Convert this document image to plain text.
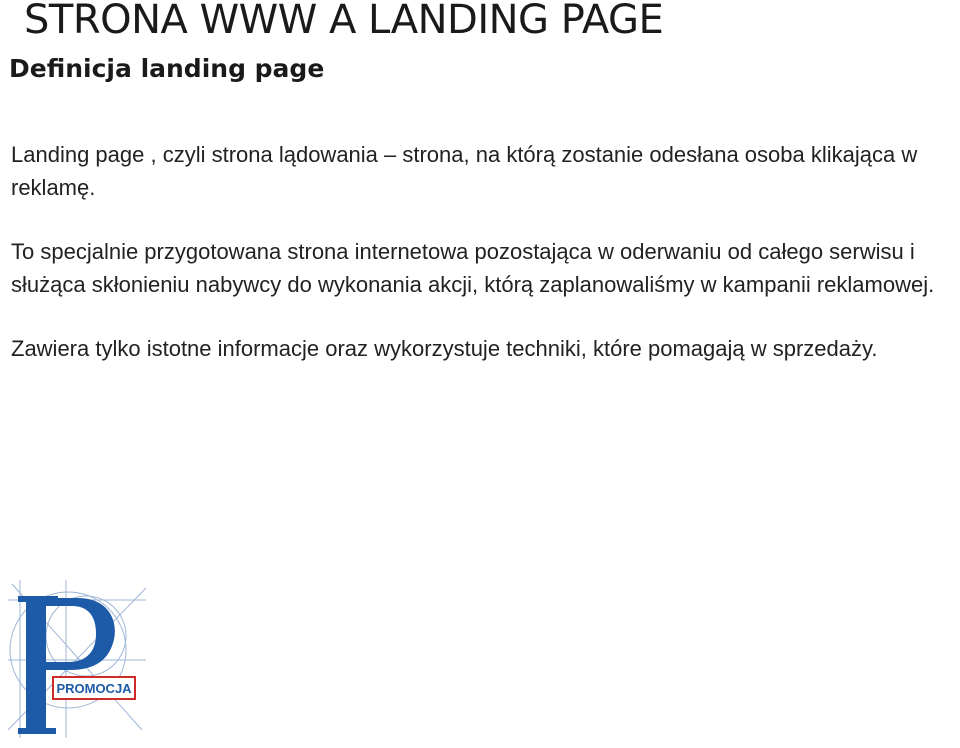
STRONA WWW A LANDING PAGE
Definicja landing page

Landing page , czyli strona lądowania – strona, na którą zostanie odesłana osoba klikająca w reklamę.

To specjalnie przygotowana strona internetowa pozostająca w oderwaniu od całego serwisu i służąca skłonieniu nabywcy do wykonania akcji, którą zaplanowaliśmy w kampanii reklamowej.

Zawiera tylko istotne informacje oraz wykorzystuje techniki, które pomagają w sprzedaży.

PROMOCJA
